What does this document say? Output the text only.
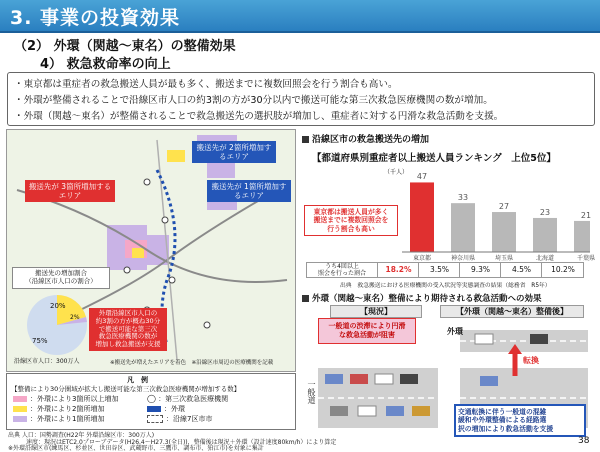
3. 事業の投資効果
（2） 外環（関越～東名）の整備効果
4） 救急救命率の向上
・東京都は重症者の救急搬送人員が最も多く、搬送までに複数回照会を行う割合も高い。
・外環が整備されることで沿線区市人口の約3割の方が30分以内で搬送可能な第三次救急医療機関の数が増加。
・外環（関越～東名）が整備されることで救急搬送先の選択肢が増加し、重症者に対する円滑な救急活動を支援。
搬送先が 2箇所増加するエリア
搬送先が 3箇所増加するエリア
搬送先が 1箇所増加するエリア
搬送先の増加割合
（沿線区市人口の割合）
外環沿線区市人口の
約3割の方が概ね30分
で搬送可能な第三次
救急医療機関の数が
増加し救急搬送が支援
20%
2%
75%
沿線区市人口：300万人	※搬送先が増えたエリアを着色　※沿線区市周辺の医療機関を記載
凡　例
【整備により30分圏域が拡大し搬送可能な第三次救急医療機関が増加する数】
：外環により3箇所以上増加
：外環により2箇所増加
：外環により1箇所増加
◯ ：第三次救急医療機関
：外環
：沿線7区市市
出典 人口：国勢調査(H22年 外環沿線区市：300万人)
速度：現況はETC2.0プローブデータ(H26.4～H27.3(全日))，整備後は現況＋外環（設計速度80km/h）により算定
※外環沿線区市(練馬区、杉並区、世田谷区、武蔵野市、三鷹市、調布市、狛江市)を対象に集計
沿線区市の救急搬送先の増加
【都道府県別重症者以上搬送人員ランキング　上位5位】
（千人）
東京都は搬送人員が多く
搬送までに複数回照会を
行う割合も高い
47
東京都
33
神奈川県
27
埼玉県
23
北海道
21
千葉県
うち4回以上
照会を行った割合	18.2%	3.5%	9.3%	4.5%	10.2%
出典　救急搬送における医療機関の受入状況等実態調査の結果（総務省　R5年）
外環（関越～東名）整備により期待される救急活動への効果
【現況】	【外環（関越～東名）整備後】
一般道の渋滞により円滑
な救急活動が阻害	外環
一般道
転換
交通転換に伴う一般道の混雑
緩和や外環整備による経路選
択の増加により救急活動を支援
38
